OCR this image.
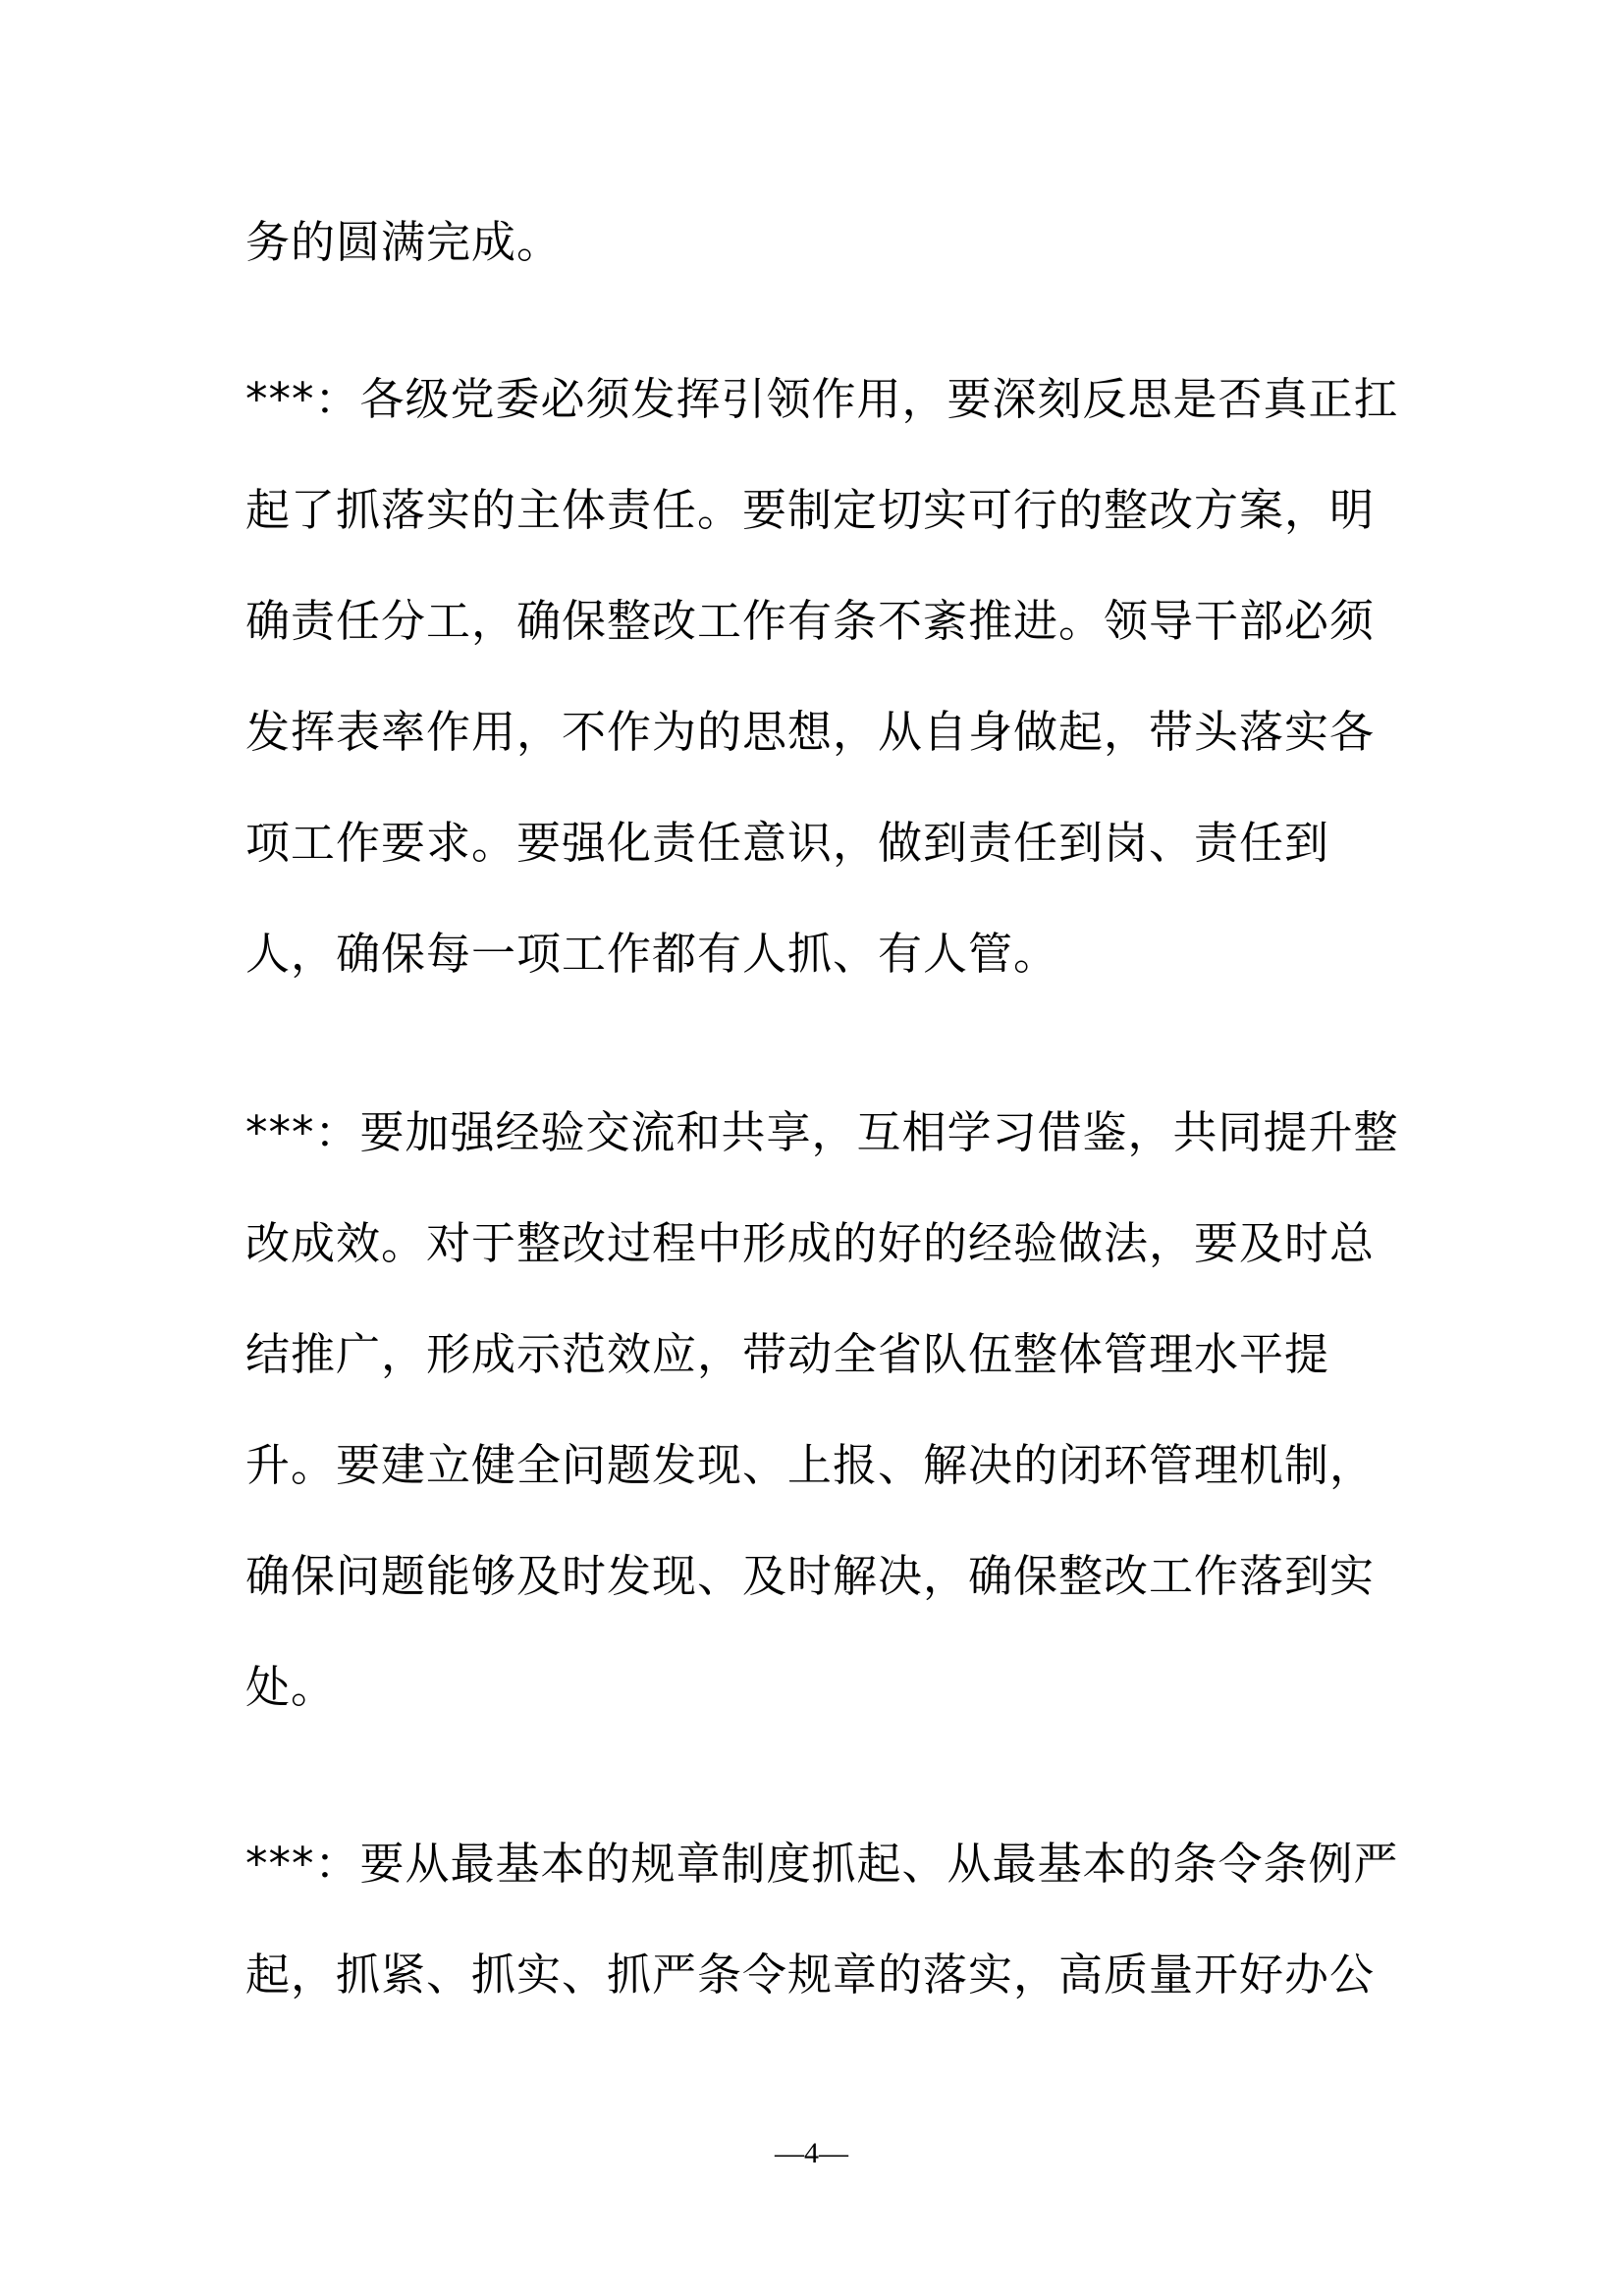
务的圆满完成。
***：各级党委必须发挥引领作用，要深刻反思是否真正扛
起了抓落实的主体责任。要制定切实可行的整改方案，明
确责任分工，确保整改工作有条不紊推进。领导干部必须
发挥表率作用，不作为的思想，从自身做起，带头落实各
项工作要求。要强化责任意识，做到责任到岗、责任到
人，确保每一项工作都有人抓、有人管。
***：要加强经验交流和共享，互相学习借鉴，共同提升整
改成效。对于整改过程中形成的好的经验做法，要及时总
结推广，形成示范效应，带动全省队伍整体管理水平提
升。要建立健全问题发现、上报、解决的闭环管理机制，
确保问题能够及时发现、及时解决，确保整改工作落到实
处。
***：要从最基本的规章制度抓起、从最基本的条令条例严
起，抓紧、抓实、抓严条令规章的落实，高质量开好办公
—4—
